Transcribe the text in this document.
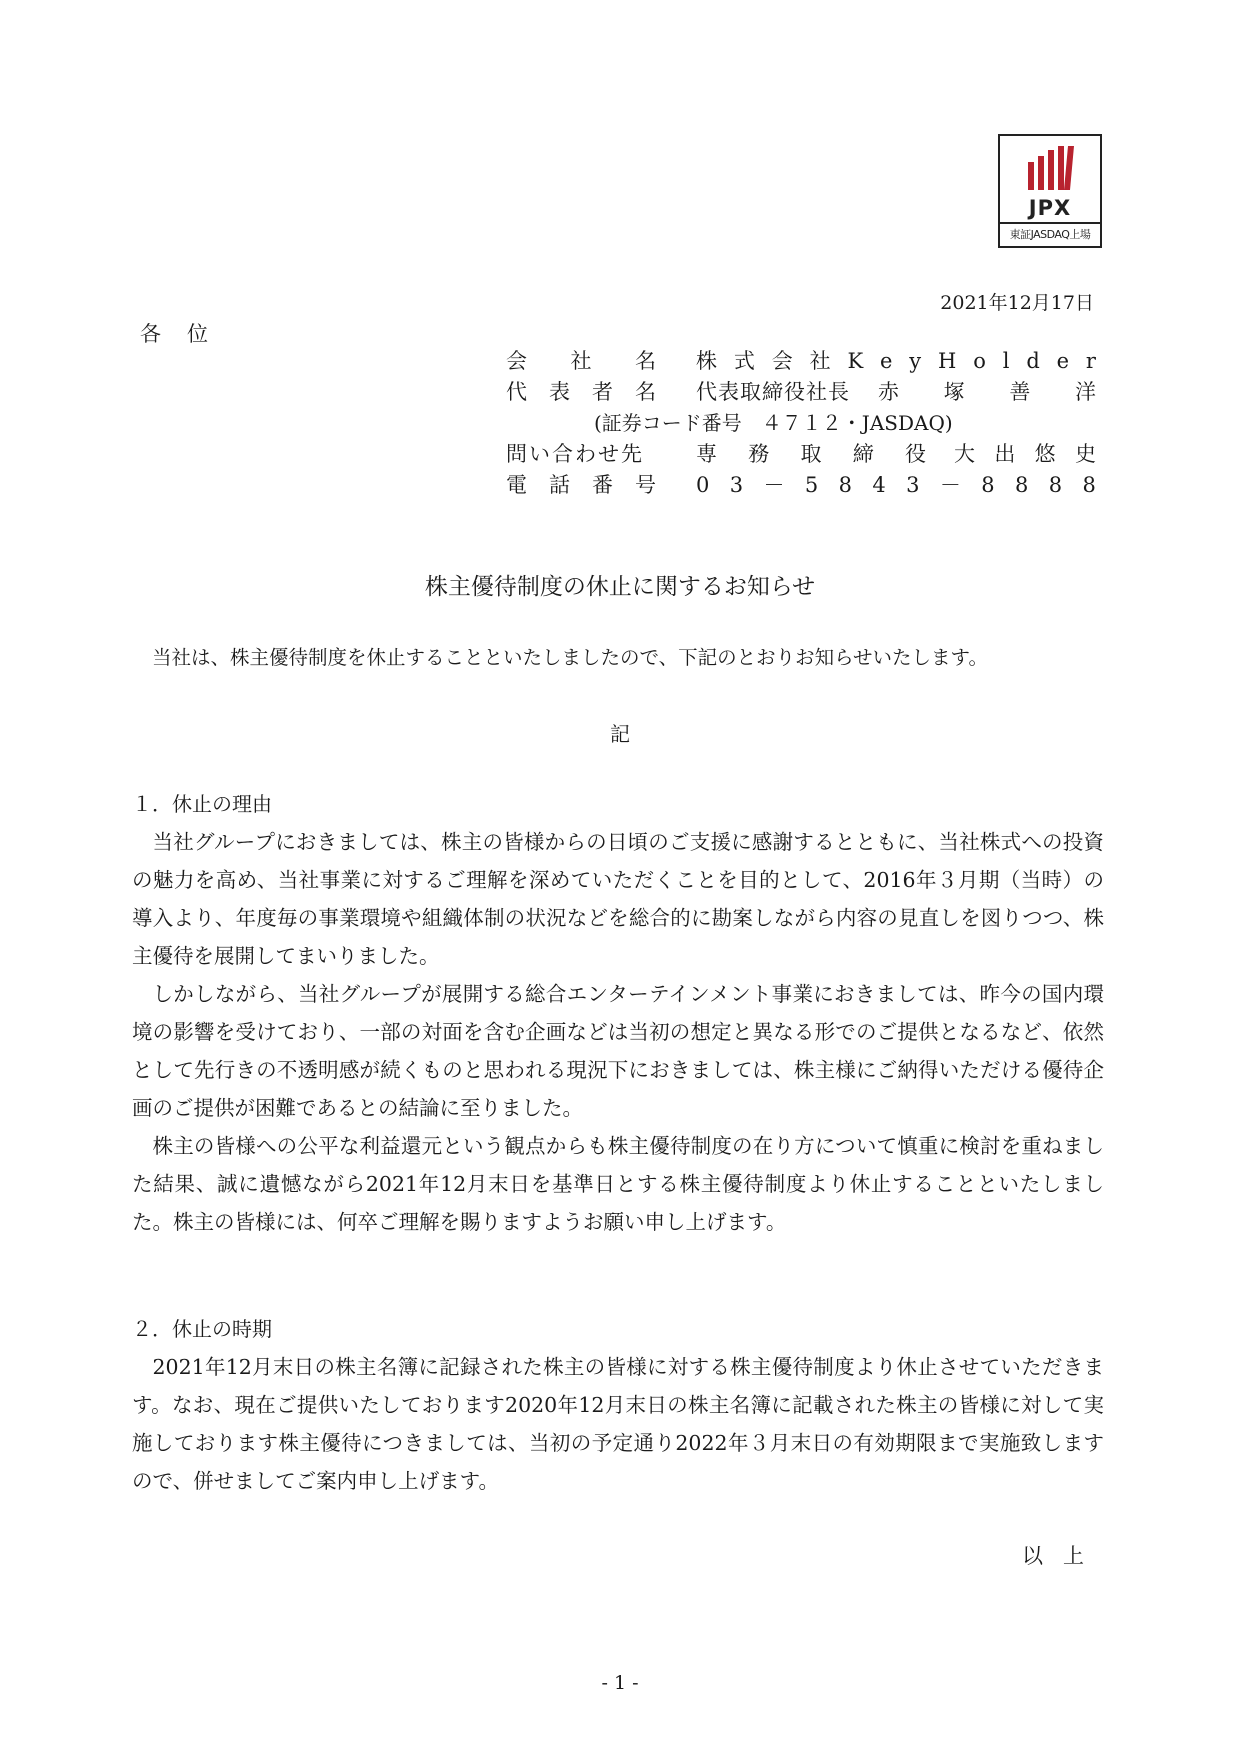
JPX
東証JASDAQ上場
2021年12月17日
各位
会 社 名 株 式 会 社 K e y H o l d e r
代 表 者 名 代表取締役社長 赤 塚 善 洋
(証券コード番号　４７１２・JASDAQ)
問い合わせ先	専 務 取 締 役 大 出 悠 史
電 話 番 号 0 3 － 5 8 4 3 － 8 8 8 8
株主優待制度の休止に関するお知らせ
当社は、株主優待制度を休止することといたしましたので、下記のとおりお知らせいたします。
記
１．休止の理由

当社グループにおきましては、株主の皆様からの日頃のご支援に感謝するとともに、当社株式への投資の魅力を高め、当社事業に対するご理解を深めていただくことを目的として、2016年３月期（当時）の導入より、年度毎の事業環境や組織体制の状況などを総合的に勘案しながら内容の見直しを図りつつ、株主優待を展開してまいりました。

しかしながら、当社グループが展開する総合エンターテインメント事業におきましては、昨今の国内環境の影響を受けており、一部の対面を含む企画などは当初の想定と異なる形でのご提供となるなど、依然として先行きの不透明感が続くものと思われる現況下におきましては、株主様にご納得いただける優待企画のご提供が困難であるとの結論に至りました。

株主の皆様への公平な利益還元という観点からも株主優待制度の在り方について慎重に検討を重ねました結果、誠に遺憾ながら2021年12月末日を基準日とする株主優待制度より休止することといたしました。株主の皆様には、何卒ご理解を賜りますようお願い申し上げます。

２．休止の時期

2021年12月末日の株主名簿に記録された株主の皆様に対する株主優待制度より休止させていただきます。なお、現在ご提供いたしております2020年12月末日の株主名簿に記載された株主の皆様に対して実施しております株主優待につきましては、当初の予定通り2022年３月末日の有効期限まで実施致しますので、併せましてご案内申し上げます。

以上
- 1 -
